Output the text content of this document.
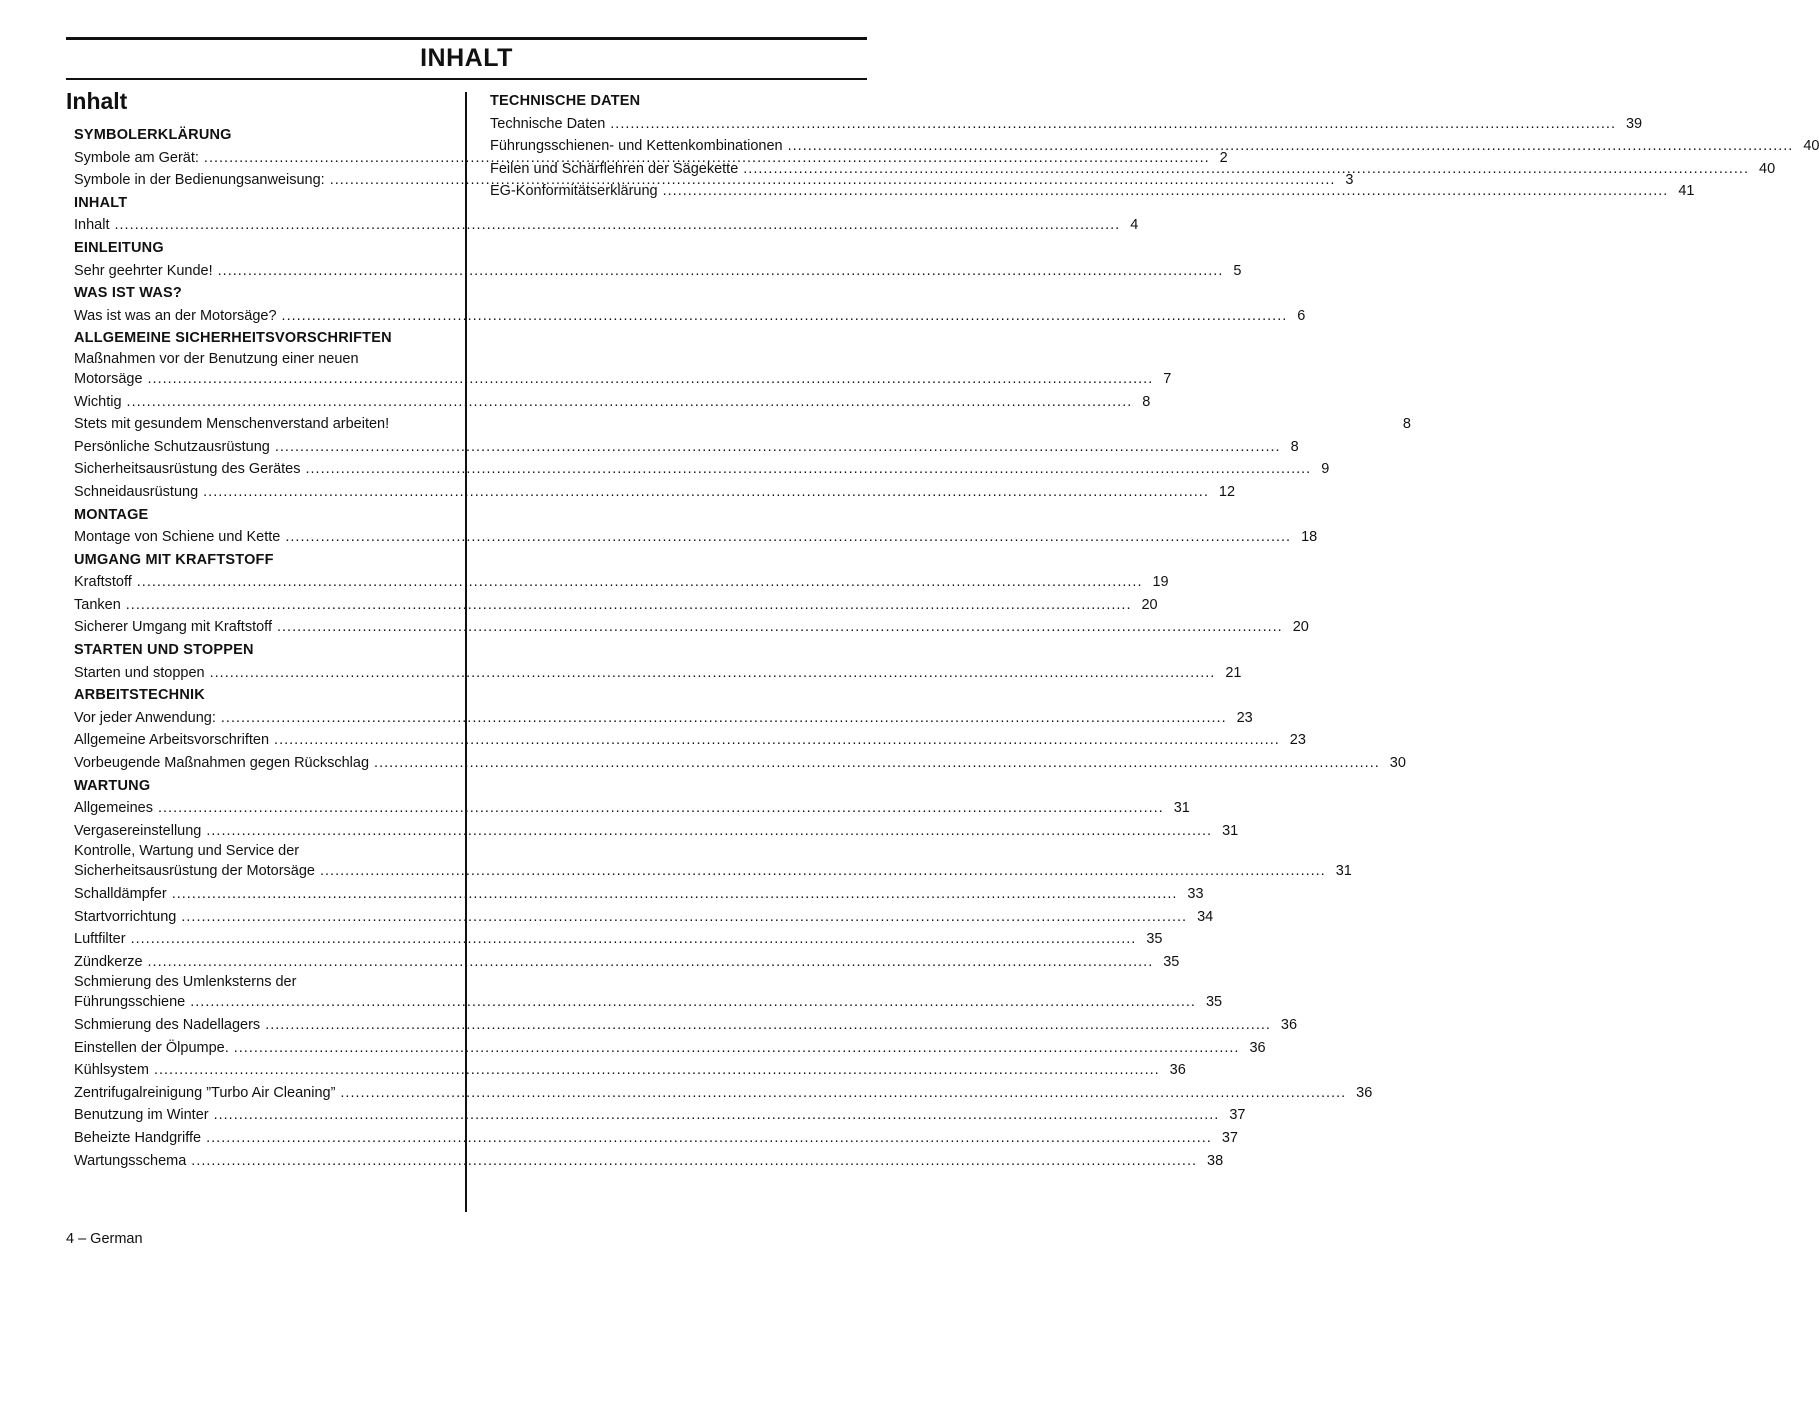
INHALT
Inhalt
SYMBOLERKLÄRUNG
Symbole am Gerät: .....	2
Symbole in der Bedienungsanweisung: .....	3
INHALT
Inhalt .....	4
EINLEITUNG
Sehr geehrter Kunde! .....	5
WAS IST WAS?
Was ist was an der Motorsäge? .....	6
ALLGEMEINE SICHERHEITSVORSCHRIFTEN
Maßnahmen vor der Benutzung einer neuen
Motorsäge .....	7
Wichtig .....	8
Stets mit gesundem Menschenverstand arbeiten!	8
Persönliche Schutzausrüstung .....	8
Sicherheitsausrüstung des Gerätes .....	9
Schneidausrüstung .....	12
MONTAGE
Montage von Schiene und Kette .....	18
UMGANG MIT KRAFTSTOFF
Kraftstoff .....	19
Tanken .....	20
Sicherer Umgang mit Kraftstoff .....	20
STARTEN UND STOPPEN
Starten und stoppen .....	21
ARBEITSTECHNIK
Vor jeder Anwendung: .....	23
Allgemeine Arbeitsvorschriften .....	23
Vorbeugende Maßnahmen gegen Rückschlag .....	30
WARTUNG
Allgemeines .....	31
Vergasereinstellung .....	31
Kontrolle, Wartung und Service der
Sicherheitsausrüstung der Motorsäge .....	31
Schalldämpfer .....	33
Startvorrichtung .....	34
Luftfilter .....	35
Zündkerze .....	35
Schmierung des Umlenksterns der
Führungsschiene .....	35
Schmierung des Nadellagers .....	36
Einstellen der Ölpumpe. .....	36
Kühlsystem .....	36
Zentrifugalreinigung ”Turbo Air Cleaning” .....	36
Benutzung im Winter .....	37
Beheizte Handgriffe .....	37
Wartungsschema .....	38
TECHNISCHE DATEN
Technische Daten .....	39
Führungsschienen- und Kettenkombinationen .....	40
Feilen und Schärflehren der Sägekette .....	40
EG-Konformitätserklärung .....	41
4 – German
